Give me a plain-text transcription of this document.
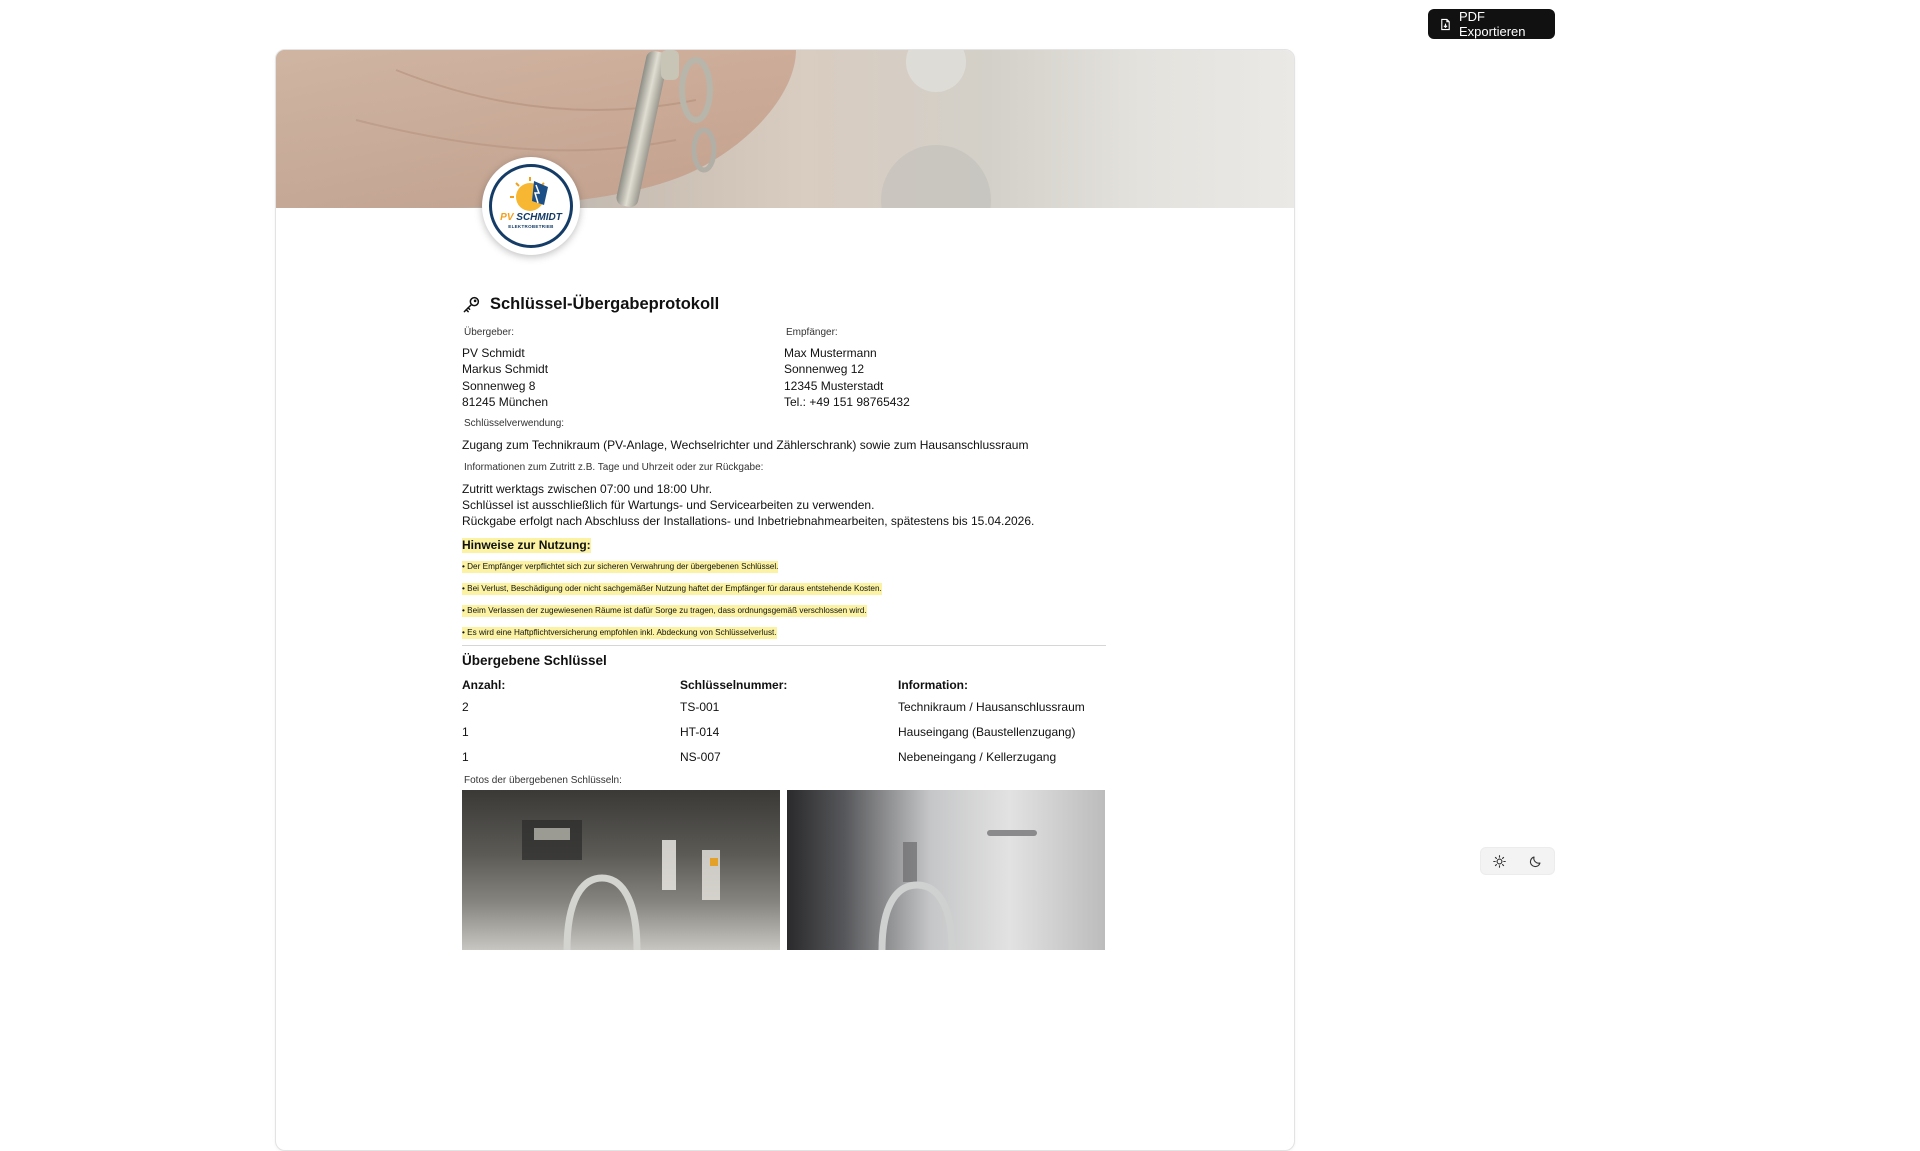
PDF Exportieren
PV SCHMIDT
ELEKTROBETRIEB
Schlüssel-Übergabeprotokoll
Übergeber:
PV Schmidt
Markus Schmidt
Sonnenweg 8
81245 München
Empfänger:
Max Mustermann
Sonnenweg 12
12345 Musterstadt
Tel.: +49 151 98765432
Schlüsselverwendung:
Zugang zum Technikraum (PV-Anlage, Wechselrichter und Zählerschrank) sowie zum Hausanschlussraum
Informationen zum Zutritt z.B. Tage und Uhrzeit oder zur Rückgabe:
Zutritt werktags zwischen 07:00 und 18:00 Uhr.
Schlüssel ist ausschließlich für Wartungs- und Servicearbeiten zu verwenden.
Rückgabe erfolgt nach Abschluss der Installations- und Inbetriebnahmearbeiten, spätestens bis 15.04.2026.
Hinweise zur Nutzung:
• Der Empfänger verpflichtet sich zur sicheren Verwahrung der übergebenen Schlüssel.
• Bei Verlust, Beschädigung oder nicht sachgemäßer Nutzung haftet der Empfänger für daraus entstehende Kosten.
• Beim Verlassen der zugewiesenen Räume ist dafür Sorge zu tragen, dass ordnungsgemäß verschlossen wird.
• Es wird eine Haftpflichtversicherung empfohlen inkl. Abdeckung von Schlüsselverlust.
Übergebene Schlüssel
Anzahl:	Schlüsselnummer:	Information:
2	TS-001	Technikraum / Hausanschlussraum
1	HT-014	Hauseingang (Baustellenzugang)
1	NS-007	Nebeneingang / Kellerzugang
Fotos der übergebenen Schlüsseln:
